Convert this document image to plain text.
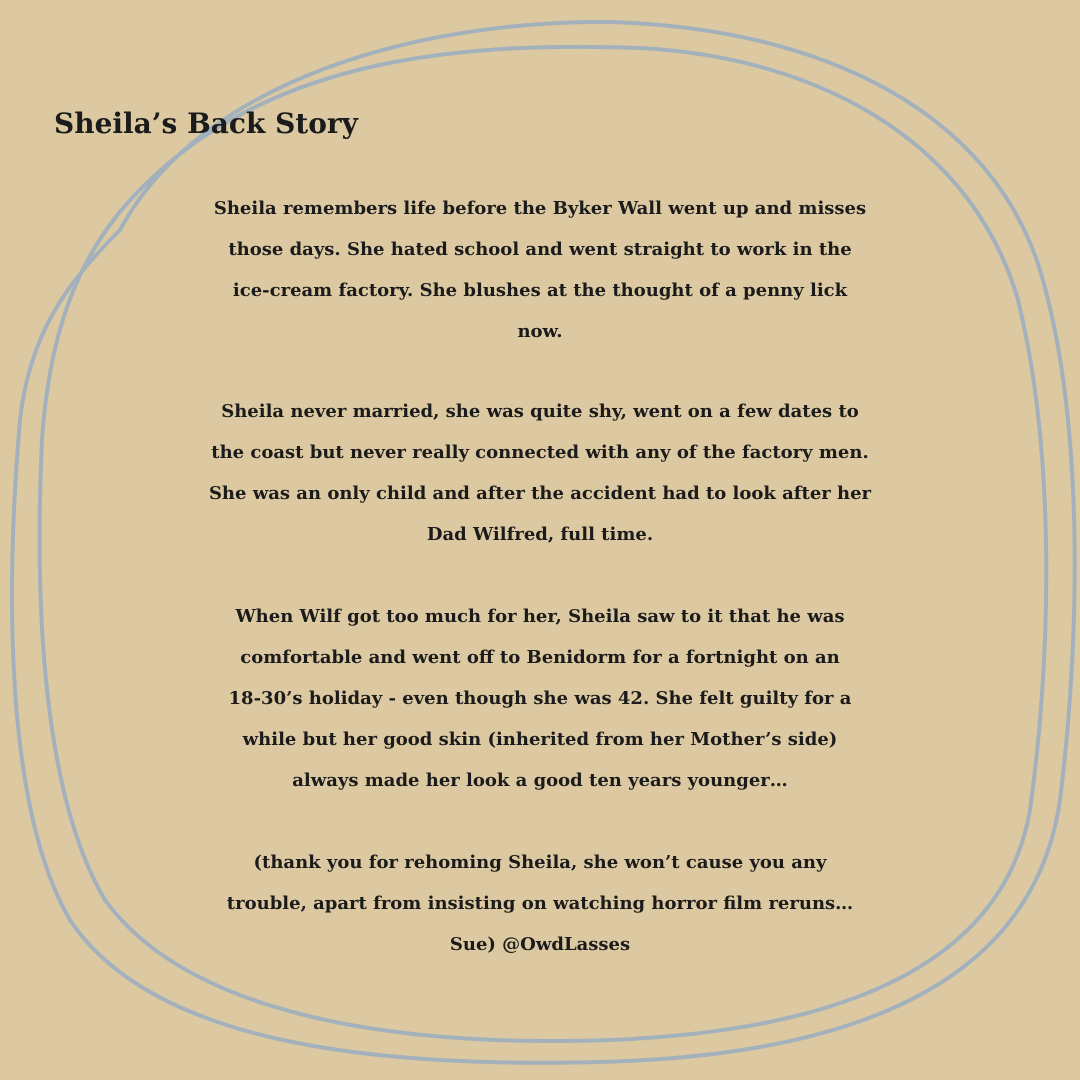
Sheila’s Back Story

Sheila remembers life before the Byker Wall went up and misses
those days. She hated school and went straight to work in the
ice-cream factory. She blushes at the thought of a penny lick
now.

Sheila never married, she was quite shy, went on a few dates to
the coast but never really connected with any of the factory men.
She was an only child and after the accident had to look after her
Dad Wilfred, full time.

When Wilf got too much for her, Sheila saw to it that he was
comfortable and went off to Benidorm for a fortnight on an
18-30’s holiday - even though she was 42. She felt guilty for a
while but her good skin (inherited from her Mother’s side)
always made her look a good ten years younger…

(thank you for rehoming Sheila, she won’t cause you any
trouble, apart from insisting on watching horror film reruns…
Sue) @OwdLasses
